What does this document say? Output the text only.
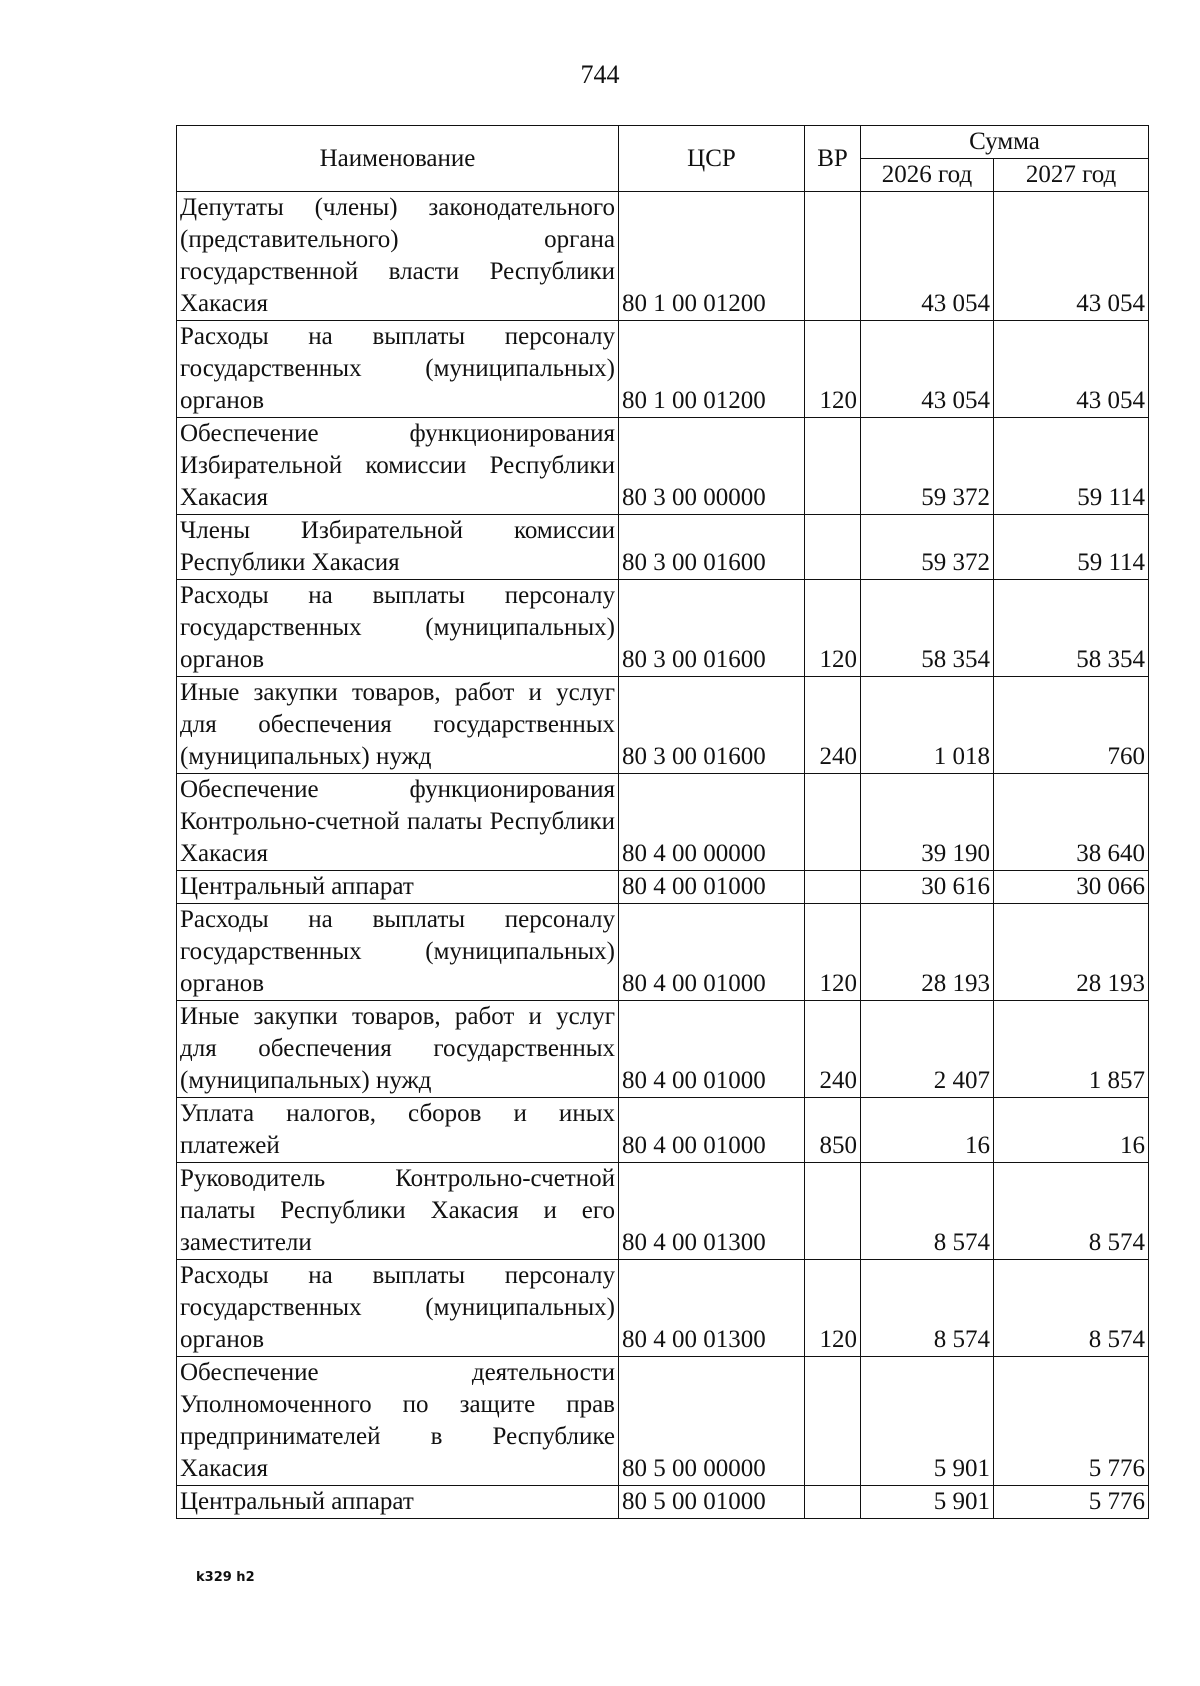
744
Наименование	ЦСР	ВР	Сумма	
			2026 год	2027 год
Депутаты (члены) законодательного (представительного) органа государственной власти Республики Хакасия	80 1 00 01200		43 054	43 054
Расходы на выплаты персоналу государственных (муниципальных) органов	80 1 00 01200	120	43 054	43 054
Обеспечение функционирования Избирательной комиссии Республики Хакасия	80 3 00 00000		59 372	59 114
Члены Избирательной комиссии Республики Хакасия	80 3 00 01600		59 372	59 114
Расходы на выплаты персоналу государственных (муниципальных) органов	80 3 00 01600	120	58 354	58 354
Иные закупки товаров, работ и услуг для обеспечения государственных (муниципальных) нужд	80 3 00 01600	240	1 018	760
Обеспечение функционирования Контрольно-счетной палаты Республики Хакасия	80 4 00 00000		39 190	38 640
Центральный аппарат	80 4 00 01000		30 616	30 066
Расходы на выплаты персоналу государственных (муниципальных) органов	80 4 00 01000	120	28 193	28 193
Иные закупки товаров, работ и услуг для обеспечения государственных (муниципальных) нужд	80 4 00 01000	240	2 407	1 857
Уплата налогов, сборов и иных платежей	80 4 00 01000	850	16	16
Руководитель Контрольно-счетной палаты Республики Хакасия и его заместители	80 4 00 01300		8 574	8 574
Расходы на выплаты персоналу государственных (муниципальных) органов	80 4 00 01300	120	8 574	8 574
Обеспечение деятельности Уполномоченного по защите прав предпринимателей в Республике Хакасия	80 5 00 00000		5 901	5 776
Центральный аппарат	80 5 00 01000		5 901	5 776
k329 h2
